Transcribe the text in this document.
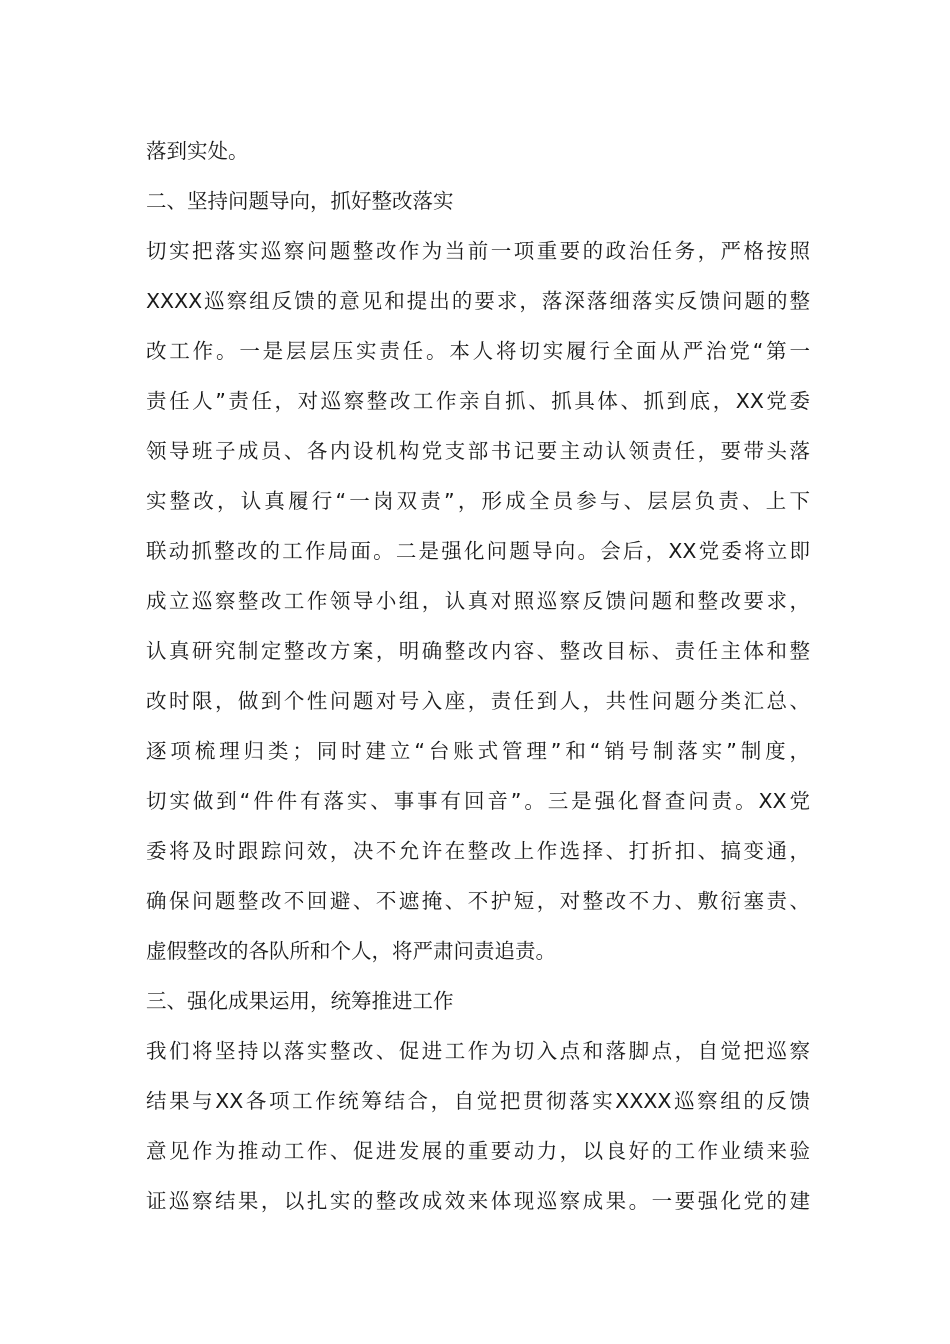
落到实处。
二、坚持问题导向，抓好整改落实
切实把落实巡察问题整改作为当前一项重要的政治任务，严格按照
XXXX巡察组反馈的意见和提出的要求，落深落细落实反馈问题的整
改工作。一是层层压实责任。本人将切实履行全面从严治党“第一
责任人”责任，对巡察整改工作亲自抓、抓具体、抓到底，XX党委
领导班子成员、各内设机构党支部书记要主动认领责任，要带头落
实整改，认真履行“一岗双责”，形成全员参与、层层负责、上下
联动抓整改的工作局面。二是强化问题导向。会后，XX党委将立即
成立巡察整改工作领导小组，认真对照巡察反馈问题和整改要求，
认真研究制定整改方案，明确整改内容、整改目标、责任主体和整
改时限，做到个性问题对号入座，责任到人，共性问题分类汇总、
逐项梳理归类；同时建立“台账式管理”和“销号制落实”制度，
切实做到“件件有落实、事事有回音”。三是强化督查问责。XX党
委将及时跟踪问效，决不允许在整改上作选择、打折扣、搞变通，
确保问题整改不回避、不遮掩、不护短，对整改不力、敷衍塞责、
虚假整改的各队所和个人，将严肃问责追责。
三、强化成果运用，统筹推进工作
我们将坚持以落实整改、促进工作为切入点和落脚点，自觉把巡察
结果与XX各项工作统筹结合，自觉把贯彻落实XXXX巡察组的反馈
意见作为推动工作、促进发展的重要动力，以良好的工作业绩来验
证巡察结果，以扎实的整改成效来体现巡察成果。一要强化党的建
